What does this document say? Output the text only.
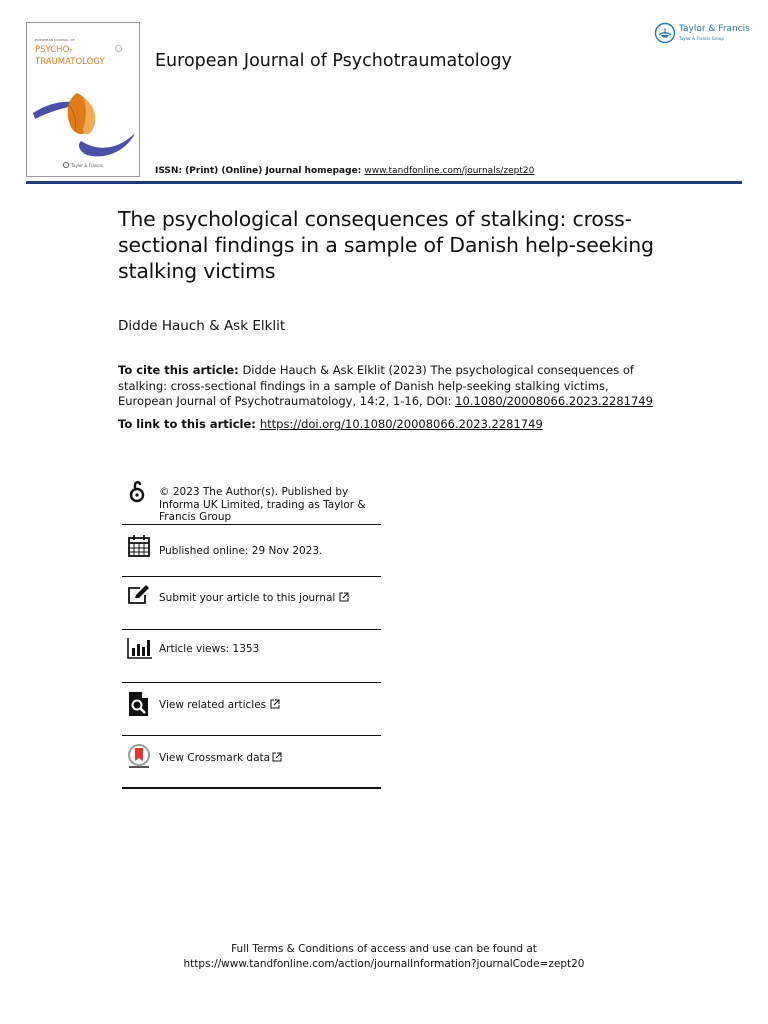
EUROPEAN JOURNAL OF
PSYCHO-
TRAUMATOLOGY
Taylor & Francis
European Journal of Psychotraumatology
Taylor & Francis
Taylor & Francis Group
ISSN: (Print) (Online) Journal homepage: www.tandfonline.com/journals/zept20
The psychological consequences of stalking: cross-sectional findings in a sample of Danish help-seeking stalking victims
Didde Hauch & Ask Elklit
To cite this article: Didde Hauch & Ask Elklit (2023) The psychological consequences of stalking: cross-sectional findings in a sample of Danish help-seeking stalking victims, European Journal of Psychotraumatology, 14:2, 1-16, DOI: 10.1080/20008066.2023.2281749
To link to this article: https://doi.org/10.1080/20008066.2023.2281749
© 2023 The Author(s). Published by Informa UK Limited, trading as Taylor & Francis Group
Published online: 29 Nov 2023.
Submit your article to this journal
Article views: 1353
View related articles
View Crossmark data
Full Terms & Conditions of access and use can be found at
https://www.tandfonline.com/action/journalInformation?journalCode=zept20
